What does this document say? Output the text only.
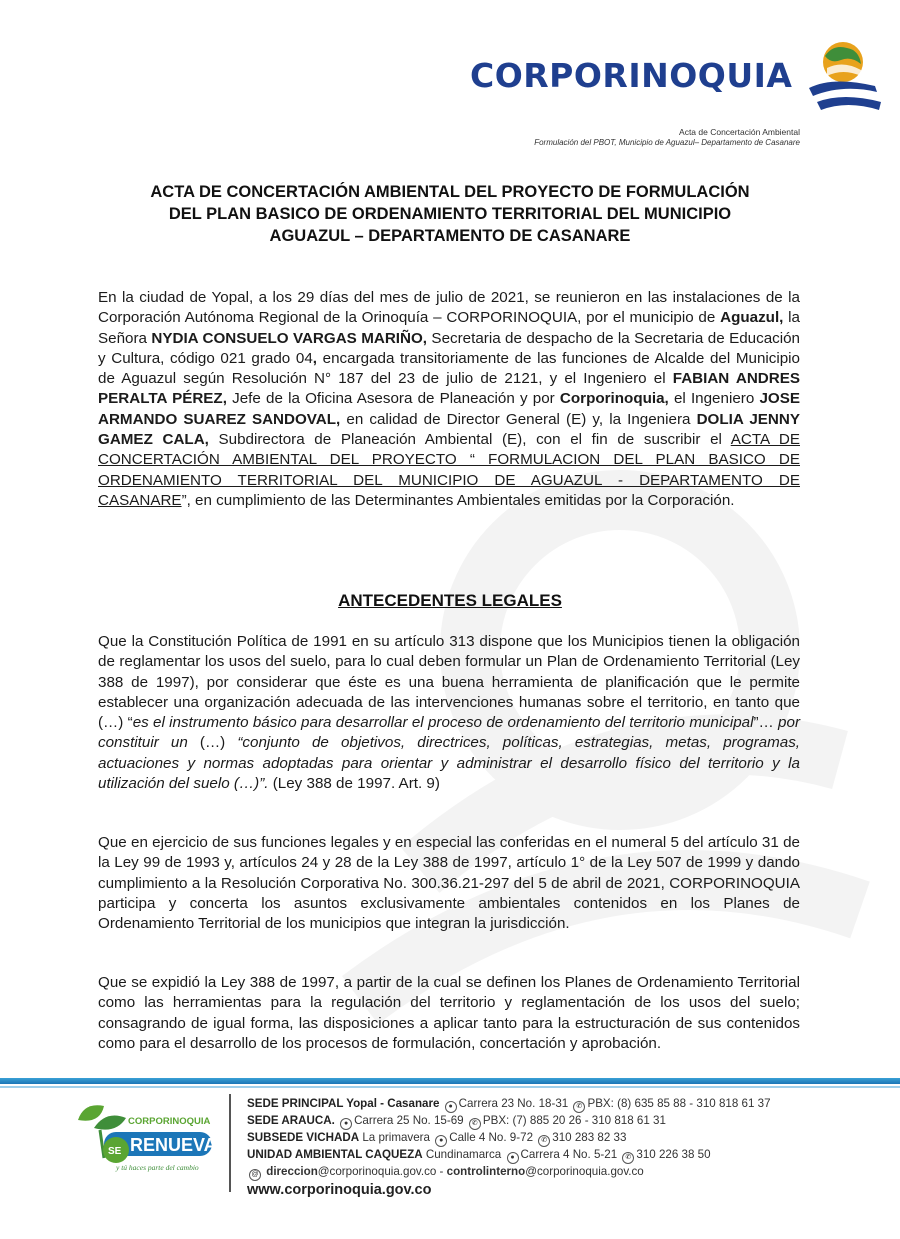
CORPORINOQUIA
Acta de Concertación Ambiental
Formulación del PBOT, Municipio de Aguazul– Departamento de Casanare
ACTA DE CONCERTACIÓN AMBIENTAL DEL PROYECTO DE FORMULACIÓN
DEL PLAN BASICO DE ORDENAMIENTO TERRITORIAL DEL MUNICIPIO
AGUAZUL – DEPARTAMENTO DE CASANARE
En la ciudad de Yopal, a los 29 días del mes de julio de 2021, se reunieron en las instalaciones de la Corporación Autónoma Regional de la Orinoquía – CORPORINOQUIA, por el municipio de Aguazul, la Señora NYDIA CONSUELO VARGAS MARIÑO, Secretaria de despacho de la Secretaria de Educación y Cultura, código 021 grado 04, encargada transitoriamente de las funciones de Alcalde del Municipio de Aguazul según Resolución N° 187 del 23 de julio de 2121, y el Ingeniero el FABIAN ANDRES PERALTA PÉREZ, Jefe de la Oficina Asesora de Planeación y por Corporinoquia, el Ingeniero JOSE ARMANDO SUAREZ SANDOVAL, en calidad de Director General (E) y, la Ingeniera DOLIA JENNY GAMEZ CALA, Subdirectora de Planeación Ambiental (E), con el fin de suscribir el ACTA DE CONCERTACIÓN AMBIENTAL DEL PROYECTO “ FORMULACION DEL PLAN BASICO DE ORDENAMIENTO TERRITORIAL DEL MUNICIPIO DE AGUAZUL - DEPARTAMENTO DE CASANARE”, en cumplimiento de las Determinantes Ambientales emitidas por la Corporación.
ANTECEDENTES LEGALES
Que la Constitución Política de 1991 en su artículo 313 dispone que los Municipios tienen la obligación de reglamentar los usos del suelo, para lo cual deben formular un Plan de Ordenamiento Territorial (Ley 388 de 1997), por considerar que éste es una buena herramienta de planificación que le permite establecer una organización adecuada de las intervenciones humanas sobre el territorio, en tanto que (…) “es el instrumento básico para desarrollar el proceso de ordenamiento del territorio municipal”… por constituir un (…) “conjunto de objetivos, directrices, políticas, estrategias, metas, programas, actuaciones y normas adoptadas para orientar y administrar el desarrollo físico del territorio y la utilización del suelo (…)”. (Ley 388 de 1997. Art. 9)
Que en ejercicio de sus funciones legales y en especial las conferidas en el numeral 5 del artículo 31 de la Ley 99 de 1993 y, artículos 24 y 28 de la Ley 388 de 1997, artículo 1° de la Ley 507 de 1999 y dando cumplimiento a la Resolución Corporativa No. 300.36.21-297 del 5 de abril de 2021, CORPORINOQUIA participa y concerta los asuntos exclusivamente ambientales contenidos en los Planes de Ordenamiento Territorial de los municipios que integran la jurisdicción.
Que se expidió la Ley 388 de 1997, a partir de la cual se definen los Planes de Ordenamiento Territorial como las herramientas para la regulación del territorio y reglamentación de los usos del suelo; consagrando de igual forma, las disposiciones a aplicar tanto para la estructuración de sus contenidos como para el desarrollo de los procesos de formulación, concertación y aprobación.
CORPORINOQUIA
SE RENUEVA
y tú haces parte del cambio
SEDE PRINCIPAL Yopal - Casanare ● Carrera 23 No. 18-31 ✆ PBX: (8) 635 85 88 - 310 818 61 37
SEDE ARAUCA. ● Carrera 25 No. 15-69 ✆ PBX: (7) 885 20 26 - 310 818 61 31
SUBSEDE VICHADA La primavera ● Calle 4 No. 9-72 ✆ 310 283 82 33
UNIDAD AMBIENTAL CAQUEZA Cundinamarca ● Carrera 4 No. 5-21 ✆ 310 226 38 50
@ direccion@corporinoquia.gov.co - controlinterno@corporinoquia.gov.co
www.corporinoquia.gov.co
